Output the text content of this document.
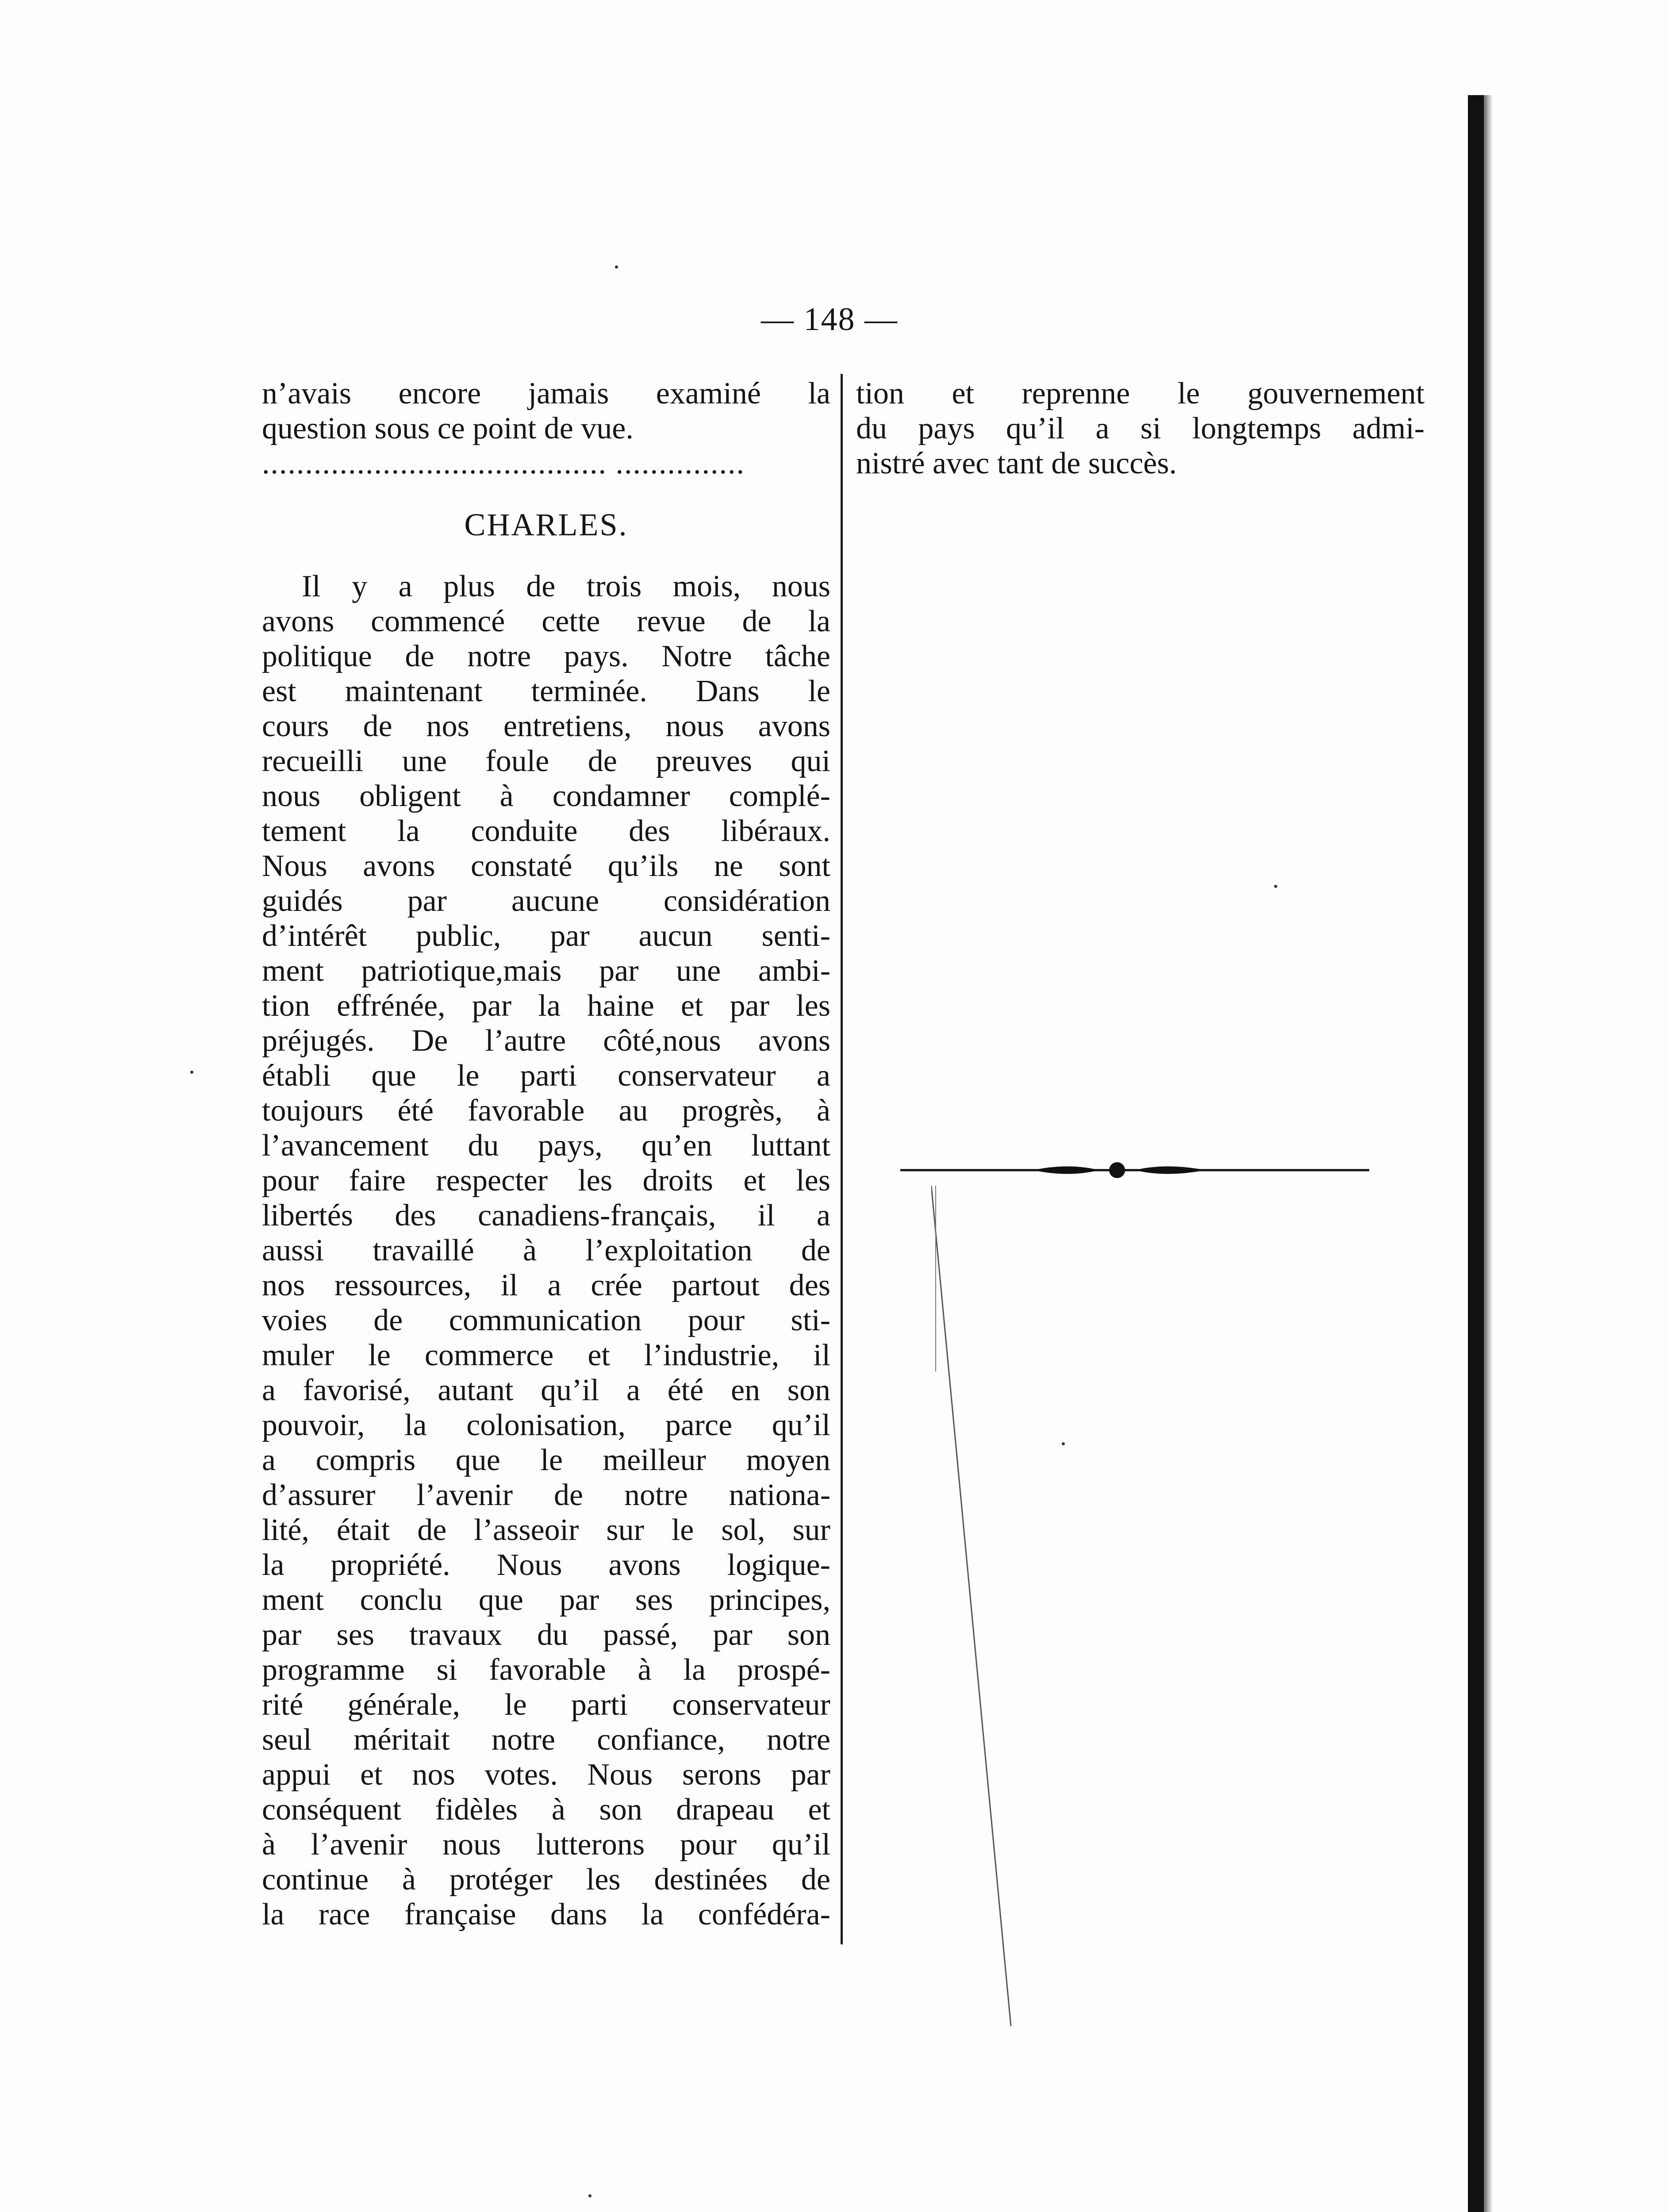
— 148 —
n’avais encore jamais examiné la
question sous ce point de vue.
........................................ ...............
CHARLES.
Il y a plus de trois mois, nous
avons commencé cette revue de la
politique de notre pays. Notre tâche
est maintenant terminée. Dans le
cours de nos entretiens, nous avons
recueilli une foule de preuves qui
nous obligent à condamner complé-
tement la conduite des libéraux.
Nous avons constaté qu’ils ne sont
guidés par aucune considération
d’intérêt public, par aucun senti-
ment patriotique,mais par une ambi-
tion effrénée, par la haine et par les
préjugés. De l’autre côté,nous avons
établi que le parti conservateur a
toujours été favorable au progrès, à
l’avancement du pays, qu’en luttant
pour faire respecter les droits et les
libertés des canadiens-français, il a
aussi travaillé à l’exploitation de
nos ressources, il a crée partout des
voies de communication pour sti-
muler le commerce et l’industrie, il
a favorisé, autant qu’il a été en son
pouvoir, la colonisation, parce qu’il
a compris que le meilleur moyen
d’assurer l’avenir de notre nationa-
lité, était de l’asseoir sur le sol, sur
la propriété. Nous avons logique-
ment conclu que par ses principes,
par ses travaux du passé, par son
programme si favorable à la prospé-
rité générale, le parti conservateur
seul méritait notre confiance, notre
appui et nos votes. Nous serons par
conséquent fidèles à son drapeau et
à l’avenir nous lutterons pour qu’il
continue à protéger les destinées de
la race française dans la confédéra-
tion et reprenne le gouvernement
du pays qu’il a si longtemps admi-
nistré avec tant de succès.
